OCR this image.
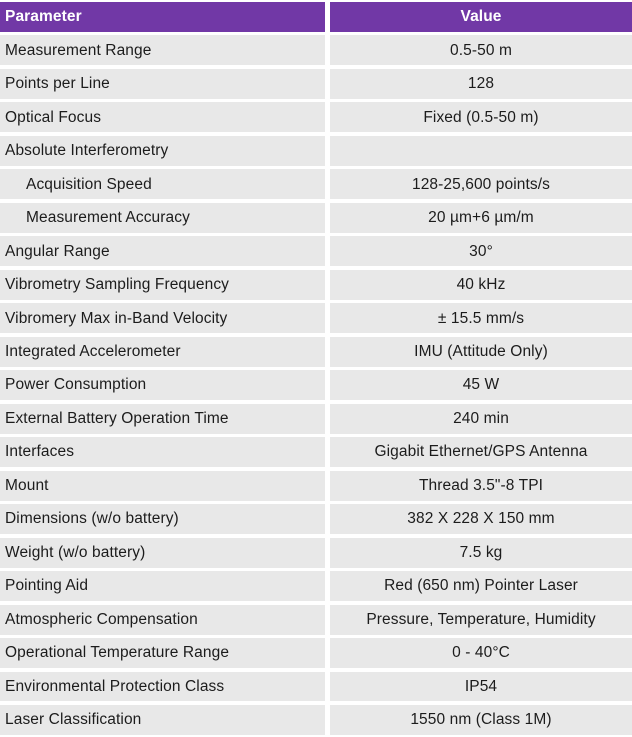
Parameter	Value
Measurement Range	0.5-50 m
Points per Line	128
Optical Focus	Fixed (0.5-50 m)
Absolute Interferometry
Acquisition Speed	128-25,600 points/s
Measurement Accuracy	20 µm+6 µm/m
Angular Range	30°
Vibrometry Sampling Frequency	40 kHz
Vibromery Max in-Band Velocity	± 15.5 mm/s
Integrated Accelerometer	IMU (Attitude Only)
Power Consumption	45 W
External Battery Operation Time	240 min
Interfaces	Gigabit Ethernet/GPS Antenna
Mount	Thread 3.5"-8 TPI
Dimensions (w/o battery)	382 X 228 X 150 mm
Weight (w/o battery)	7.5 kg
Pointing Aid	Red (650 nm) Pointer Laser
Atmospheric Compensation	Pressure, Temperature, Humidity
Operational Temperature Range	0 - 40°C
Environmental Protection Class	IP54
Laser Classification	1550 nm (Class 1M)
